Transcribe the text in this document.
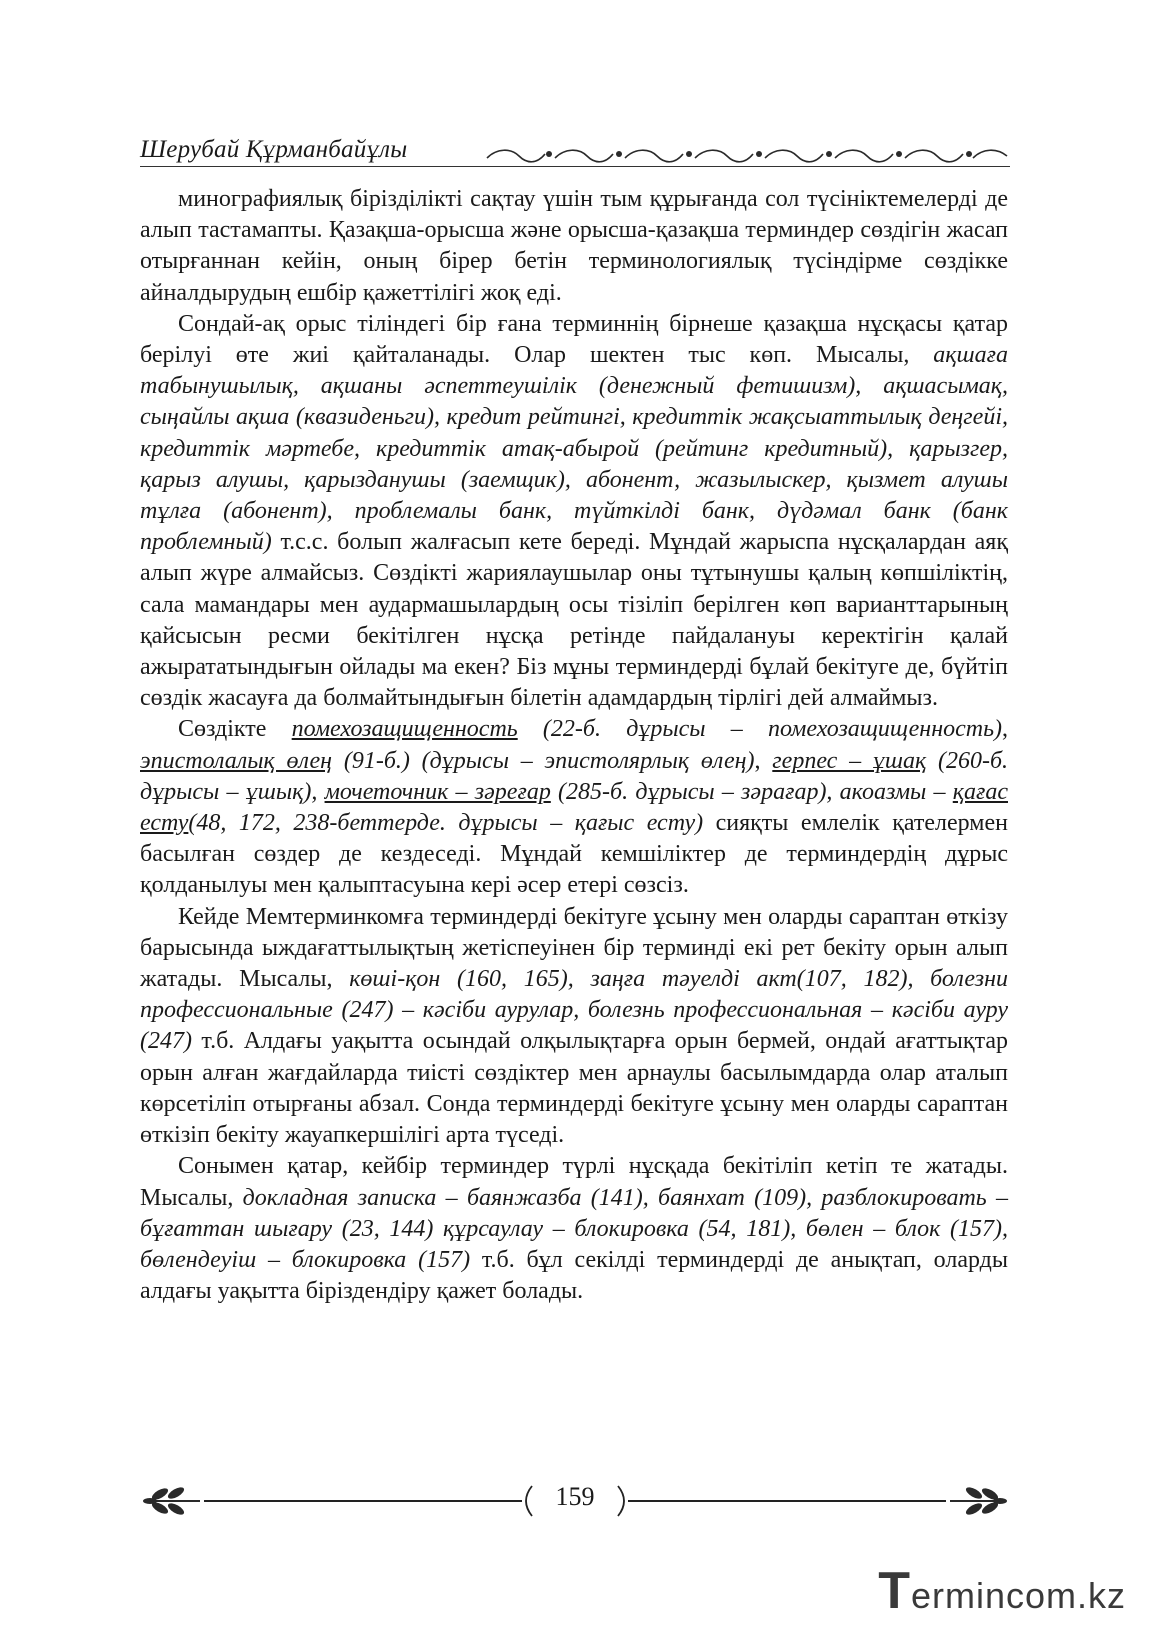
Шерубай Құрманбайұлы

минографиялық бірізділікті сақтау үшін тым құрығанда сол түсініктемелерді де алып тастамапты. Қазақша-орысша және орысша-қазақша терминдер сөздігін жасап отырғаннан кейін, оның бірер бетін терминологиялық түсіндірме сөздікке айналдырудың ешбір қажеттілігі жоқ еді.

Сондай-ақ орыс тіліндегі бір ғана терминнің бірнеше қазақша нұсқасы қатар берілуі өте жиі қайталанады. Олар шектен тыс көп. Мысалы, ақшаға табынушылық, ақшаны әспеттеушілік (денежный фетишизм), ақшасымақ, сыңайлы ақша (квазиденьги), кредит рейтингі, кредиттік жақсыаттылық деңгейі, кредиттік мәртебе, кредиттік атақ-абырой (рейтинг кредитный), қарызгер, қарыз алушы, қарызданушы (заемщик), абонент, жазылыскер, қызмет алушы тұлға (абонент), проблемалы банк, түйткілді банк, дүдәмал банк (банк проблемный) т.с.с. болып жалғасып кете береді. Мұндай жарыспа нұсқалардан аяқ алып жүре алмайсыз. Сөздікті жариялаушылар оны тұтынушы қалың көпшіліктің, сала мамандары мен аудармашылардың осы тізіліп берілген көп варианттарының қайсысын ресми бекітілген нұсқа ретінде пайдалануы керектігін қалай ажырататындығын ойлады ма екен? Біз мұны терминдерді бұлай бекітуге де, бүйтіп сөздік жасауға да болмайтындығын білетін адамдардың тірлігі дей алмаймыз.

Сөздікте помехозащищенность (22-б. дұрысы – помехозащищенность), эпистолалық өлең (91-б.) (дұрысы – эпистолярлық өлең), герпес – ұшақ (260-б. дұрысы – ұшық), мочеточник – зәреғар (285-б. дұрысы – зәрағар), акоазмы – қағас есту(48, 172, 238-беттерде. дұрысы – қағыс есту) сияқты емлелік қателермен басылған сөздер де кездеседі. Мұндай кемшіліктер де терминдердің дұрыс қолданылуы мен қалыптасуына кері әсер етері сөзсіз.

Кейде Мемтерминкомға терминдерді бекітуге ұсыну мен оларды сараптан өткізу барысында ыждағаттылықтың жетіспеуінен бір терминді екі рет бекіту орын алып жатады. Мысалы, көші-қон (160, 165), заңға тәуелді акт(107, 182), болезни профессиональные (247) – кәсіби аурулар, болезнь профессиональная – кәсіби ауру (247) т.б. Алдағы уақытта осындай олқылықтарға орын бермей, ондай ағаттықтар орын алған жағдайларда тиісті сөздіктер мен арнаулы басылымдарда олар аталып көрсетіліп отырғаны абзал. Сонда терминдерді бекітуге ұсыну мен оларды сараптан өткізіп бекіту жауапкершілігі арта түседі.

Сонымен қатар, кейбір терминдер түрлі нұсқада бекітіліп кетіп те жатады. Мысалы, докладная записка – баянжазба (141), баянхат (109), разблокировать – бұғаттан шығару (23, 144) құрсаулау – блокировка (54, 181), бөлен – блок (157), бөлендеуіш – блокировка (157) т.б. бұл секілді терминдерді де анықтап, оларды алдағы уақытта біріздендіру қажет болады.

159
Termincom.kz
